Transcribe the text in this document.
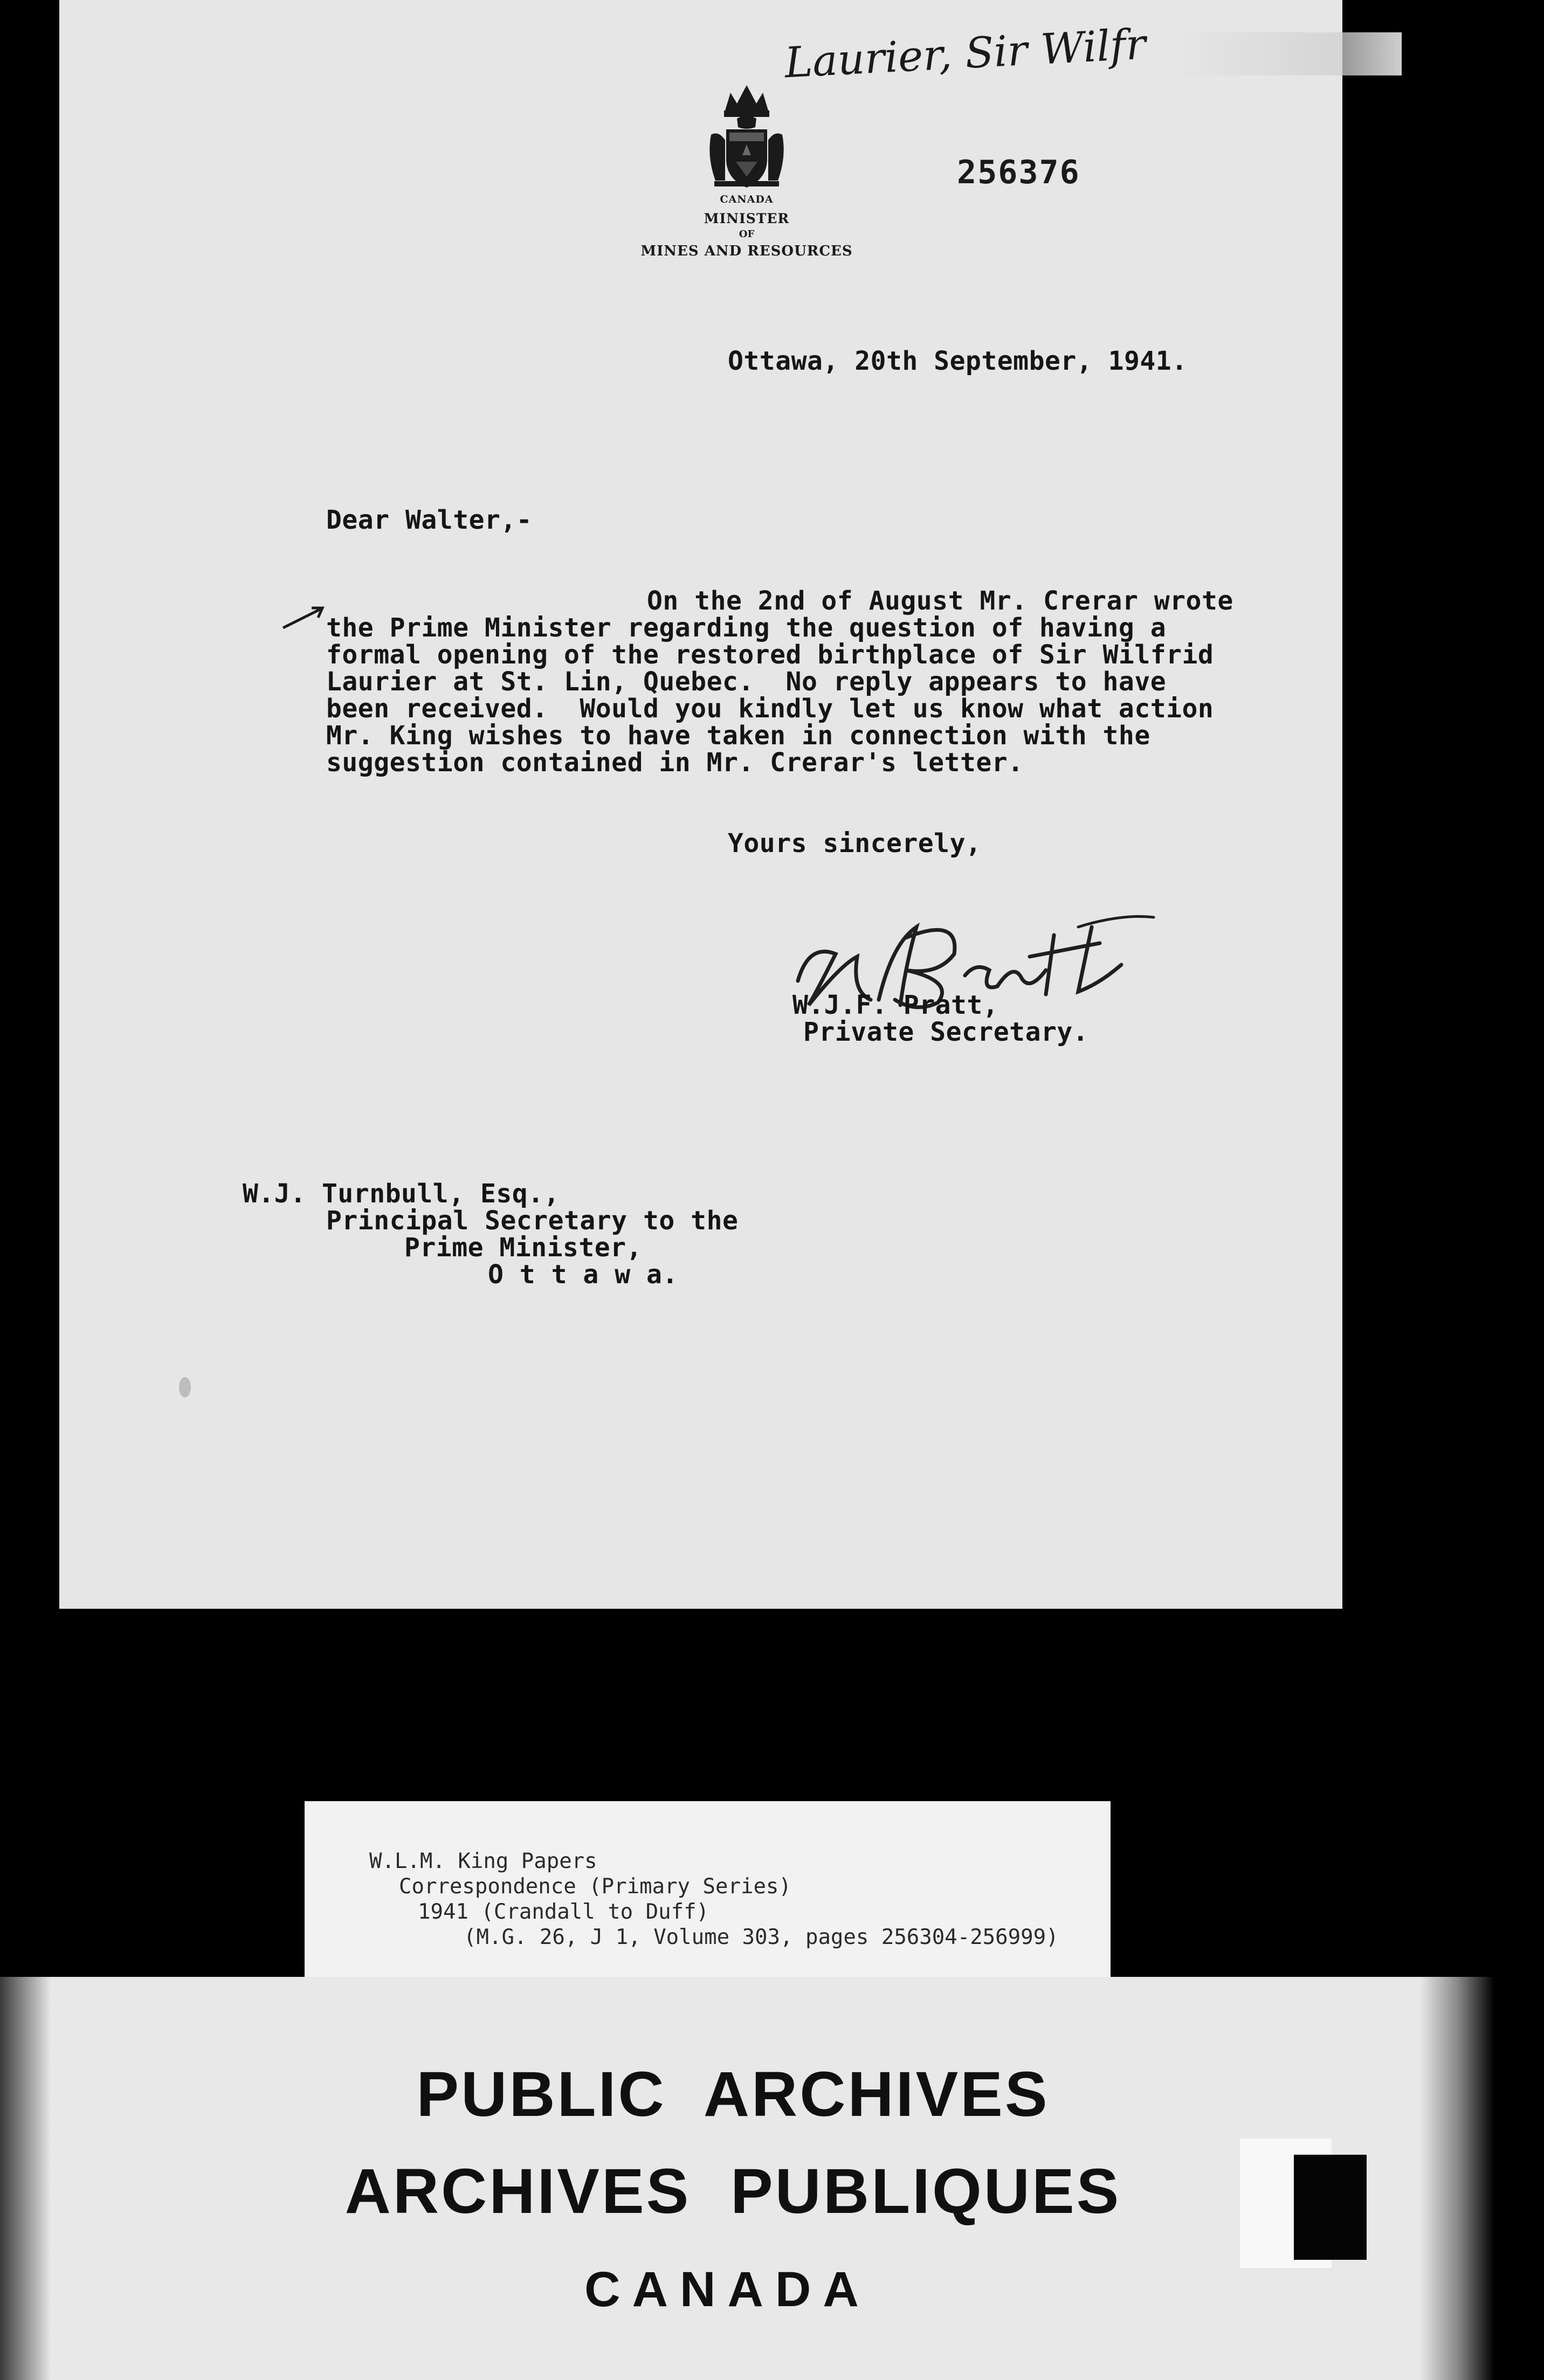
Laurier, Sir Wilfr
CANADA
MINISTER
OF
MINES AND RESOURCES
256376
Ottawa, 20th September, 1941.
Dear Walter,-
On the 2nd of August Mr. Crerar wrote
the Prime Minister regarding the question of having a
formal opening of the restored birthplace of Sir Wilfrid
Laurier at St. Lin, Quebec.  No reply appears to have
been received.  Would you kindly let us know what action
Mr. King wishes to have taken in connection with the
suggestion contained in Mr. Crerar's letter.
Yours sincerely,
W.J.F. Pratt,
Private Secretary.
W.J. Turnbull, Esq.,
Principal Secretary to the
Prime Minister,
O t t a w a.
W.L.M. King Papers
Correspondence (Primary Series)
1941 (Crandall to Duff)
(M.G. 26, J 1, Volume 303, pages 256304-256999)
PUBLIC  ARCHIVES
ARCHIVES  PUBLIQUES
CANADA
